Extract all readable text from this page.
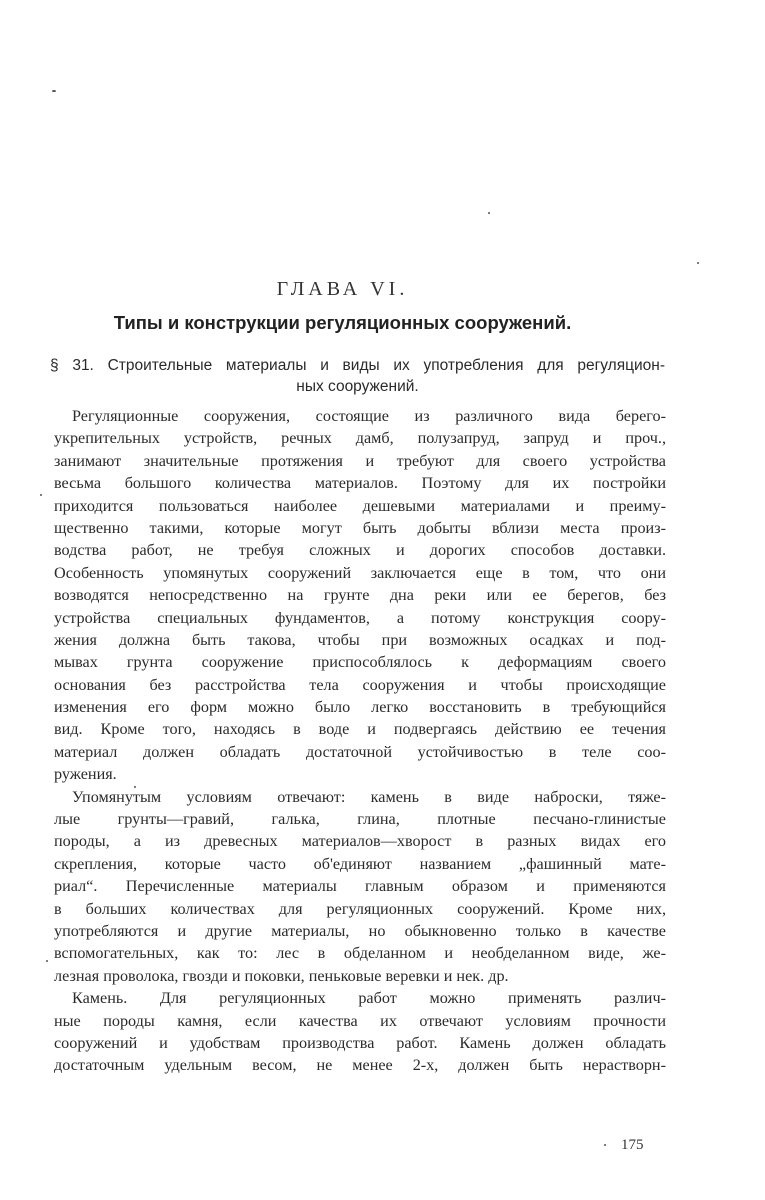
ГЛАВА VI.
Типы и конструкции регуляционных сооружений.
§ 31. Строительные материалы и виды их употребления для регуляцион-
ных сооружений.
Регуляционные сооружения, состоящие из различного вида берего-
укрепительных устройств, речных дамб, полузапруд, запруд и проч.,
занимают значительные протяжения и требуют для своего устройства
весьма большого количества материалов. Поэтому для их постройки
приходится пользоваться наиболее дешевыми материалами и преиму-
щественно такими, которые могут быть добыты вблизи места произ-
водства работ, не требуя сложных и дорогих способов доставки.
Особенность упомянутых сооружений заключается еще в том, что они
возводятся непосредственно на грунте дна реки или ее берегов, без
устройства специальных фундаментов, а потому конструкция соору-
жения должна быть такова, чтобы при возможных осадках и под-
мывах грунта сооружение приспособлялось к деформациям своего
основания без расстройства тела сооружения и чтобы происходящие
изменения его форм можно было легко восстановить в требующийся
вид. Кроме того, находясь в воде и подвергаясь действию ее течения
материал должен обладать достаточной устойчивостью в теле соо-
ружения.
Упомянутым условиям отвечают: камень в виде наброски, тяже-
лые грунты—гравий, галька, глина, плотные песчано-глинистые
породы, а из древесных материалов—хворост в разных видах его
скрепления, которые часто об'единяют названием „фашинный мате-
риал“. Перечисленные материалы главным образом и применяются
в больших количествах для регуляционных сооружений. Кроме них,
употребляются и другие материалы, но обыкновенно только в качестве
вспомогательных, как то: лес в обделанном и необделанном виде, же-
лезная проволока, гвозди и поковки, пеньковые веревки и нек. др.
Камень. Для регуляционных работ можно применять различ-
ные породы камня, если качества их отвечают условиям прочности
сооружений и удобствам производства работ. Камень должен обладать
достаточным удельным весом, не менее 2-х, должен быть нерастворн-
175
